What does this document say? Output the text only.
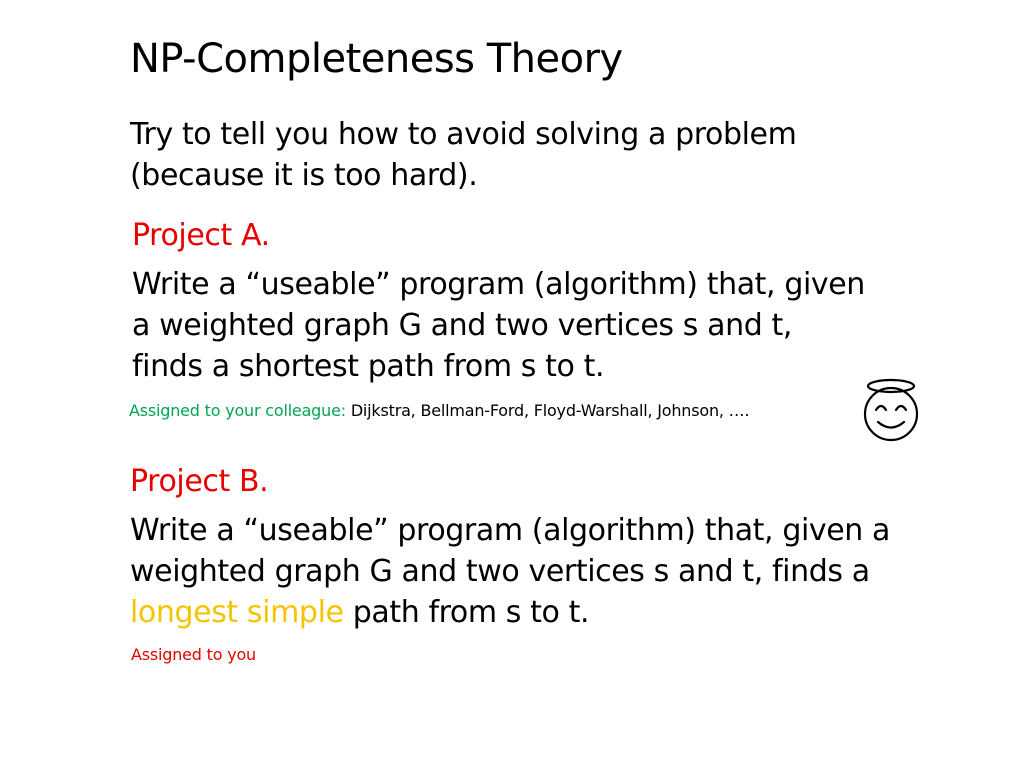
NP-Completeness Theory
Try to tell you how to avoid solving a problem
(because it is too hard).
Project A.
Write a “useable” program (algorithm) that, given
a weighted graph G and two vertices s and t,
finds a shortest path from s to t.
Assigned to your colleague: Dijkstra, Bellman-Ford, Floyd-Warshall, Johnson, ….
Project B.
Write a “useable” program (algorithm) that, given a
weighted graph G and two vertices s and t, finds a
longest simple path from s to t.
Assigned to you
